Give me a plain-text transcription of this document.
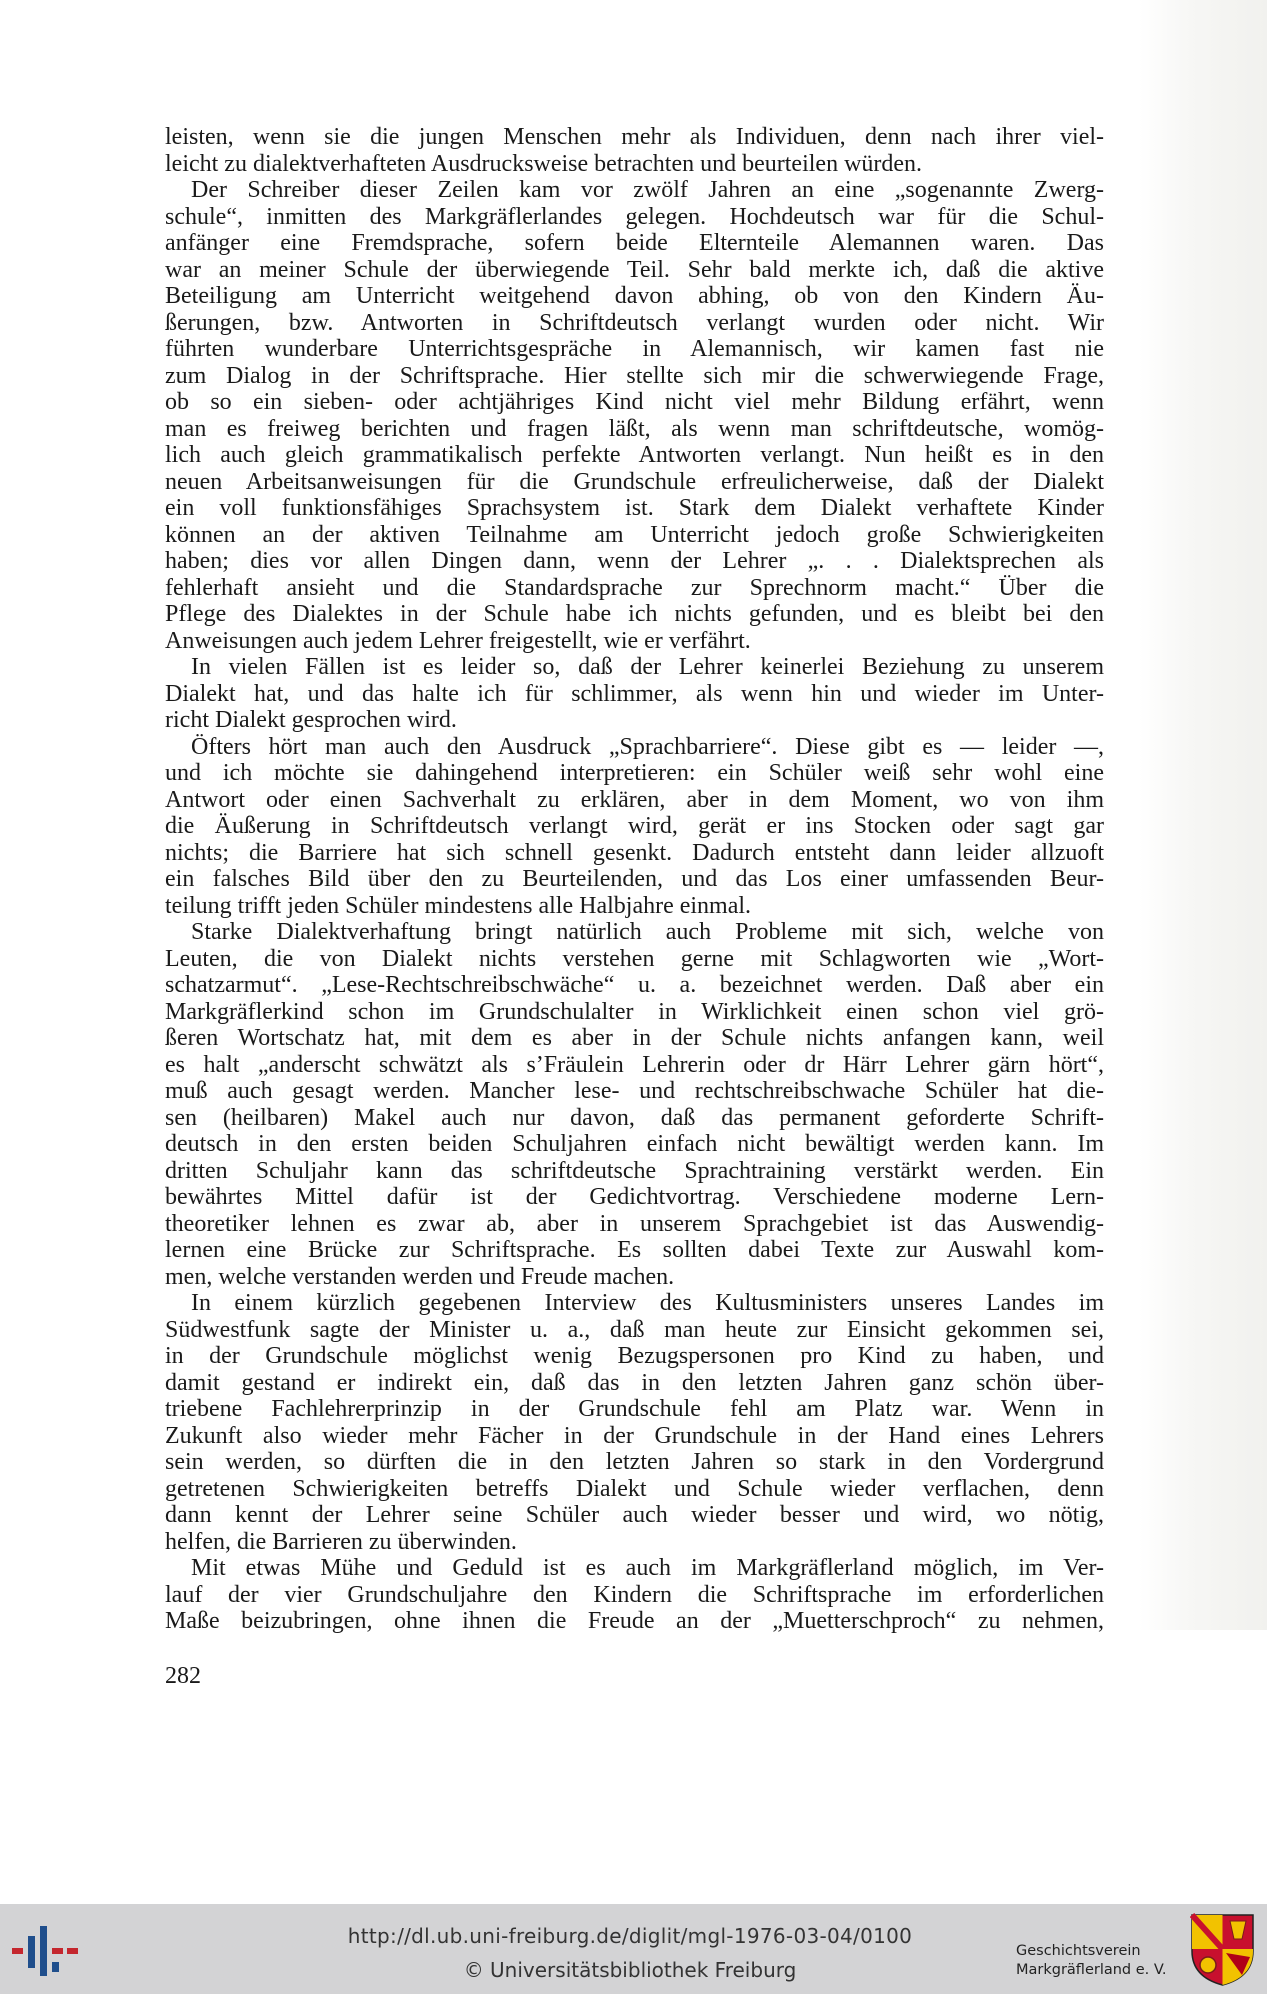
leisten, wenn sie die jungen Menschen mehr als Individuen, denn nach ihrer viel-
leicht zu dialektverhafteten Ausdrucksweise betrachten und beurteilen würden.
Der Schreiber dieser Zeilen kam vor zwölf Jahren an eine „sogenannte Zwerg-
schule“, inmitten des Markgräflerlandes gelegen. Hochdeutsch war für die Schul-
anfänger eine Fremdsprache, sofern beide Elternteile Alemannen waren. Das
war an meiner Schule der überwiegende Teil. Sehr bald merkte ich, daß die aktive
Beteiligung am Unterricht weitgehend davon abhing, ob von den Kindern Äu-
ßerungen, bzw. Antworten in Schriftdeutsch verlangt wurden oder nicht. Wir
führten wunderbare Unterrichtsgespräche in Alemannisch, wir kamen fast nie
zum Dialog in der Schriftsprache. Hier stellte sich mir die schwerwiegende Frage,
ob so ein sieben- oder achtjähriges Kind nicht viel mehr Bildung erfährt, wenn
man es freiweg berichten und fragen läßt, als wenn man schriftdeutsche, womög-
lich auch gleich grammatikalisch perfekte Antworten verlangt. Nun heißt es in den
neuen Arbeitsanweisungen für die Grundschule erfreulicherweise, daß der Dialekt
ein voll funktionsfähiges Sprachsystem ist. Stark dem Dialekt verhaftete Kinder
können an der aktiven Teilnahme am Unterricht jedoch große Schwierigkeiten
haben; dies vor allen Dingen dann, wenn der Lehrer „. . . Dialektsprechen als
fehlerhaft ansieht und die Standardsprache zur Sprechnorm macht.“ Über die
Pflege des Dialektes in der Schule habe ich nichts gefunden, und es bleibt bei den
Anweisungen auch jedem Lehrer freigestellt, wie er verfährt.
In vielen Fällen ist es leider so, daß der Lehrer keinerlei Beziehung zu unserem
Dialekt hat, und das halte ich für schlimmer, als wenn hin und wieder im Unter-
richt Dialekt gesprochen wird.
Öfters hört man auch den Ausdruck „Sprachbarriere“. Diese gibt es — leider —,
und ich möchte sie dahingehend interpretieren: ein Schüler weiß sehr wohl eine
Antwort oder einen Sachverhalt zu erklären, aber in dem Moment, wo von ihm
die Äußerung in Schriftdeutsch verlangt wird, gerät er ins Stocken oder sagt gar
nichts; die Barriere hat sich schnell gesenkt. Dadurch entsteht dann leider allzuoft
ein falsches Bild über den zu Beurteilenden, und das Los einer umfassenden Beur-
teilung trifft jeden Schüler mindestens alle Halbjahre einmal.
Starke Dialektverhaftung bringt natürlich auch Probleme mit sich, welche von
Leuten, die von Dialekt nichts verstehen gerne mit Schlagworten wie „Wort-
schatzarmut“. „Lese-Rechtschreibschwäche“ u. a. bezeichnet werden. Daß aber ein
Markgräflerkind schon im Grundschulalter in Wirklichkeit einen schon viel grö-
ßeren Wortschatz hat, mit dem es aber in der Schule nichts anfangen kann, weil
es halt „anderscht schwätzt als s’Fräulein Lehrerin oder dr Härr Lehrer gärn hört“,
muß auch gesagt werden. Mancher lese- und rechtschreibschwache Schüler hat die-
sen (heilbaren) Makel auch nur davon, daß das permanent geforderte Schrift-
deutsch in den ersten beiden Schuljahren einfach nicht bewältigt werden kann. Im
dritten Schuljahr kann das schriftdeutsche Sprachtraining verstärkt werden. Ein
bewährtes Mittel dafür ist der Gedichtvortrag. Verschiedene moderne Lern-
theoretiker lehnen es zwar ab, aber in unserem Sprachgebiet ist das Auswendig-
lernen eine Brücke zur Schriftsprache. Es sollten dabei Texte zur Auswahl kom-
men, welche verstanden werden und Freude machen.
In einem kürzlich gegebenen Interview des Kultusministers unseres Landes im
Südwestfunk sagte der Minister u. a., daß man heute zur Einsicht gekommen sei,
in der Grundschule möglichst wenig Bezugspersonen pro Kind zu haben, und
damit gestand er indirekt ein, daß das in den letzten Jahren ganz schön über-
triebene Fachlehrerprinzip in der Grundschule fehl am Platz war. Wenn in
Zukunft also wieder mehr Fächer in der Grundschule in der Hand eines Lehrers
sein werden, so dürften die in den letzten Jahren so stark in den Vordergrund
getretenen Schwierigkeiten betreffs Dialekt und Schule wieder verflachen, denn
dann kennt der Lehrer seine Schüler auch wieder besser und wird, wo nötig,
helfen, die Barrieren zu überwinden.
Mit etwas Mühe und Geduld ist es auch im Markgräflerland möglich, im Ver-
lauf der vier Grundschuljahre den Kindern die Schriftsprache im erforderlichen
Maße beizubringen, ohne ihnen die Freude an der „Muetterschproch“ zu nehmen,
282
http://dl.ub.uni-freiburg.de/diglit/mgl-1976-03-04/0100
© Universitätsbibliothek Freiburg
Geschichtsverein
Markgräflerland e. V.
